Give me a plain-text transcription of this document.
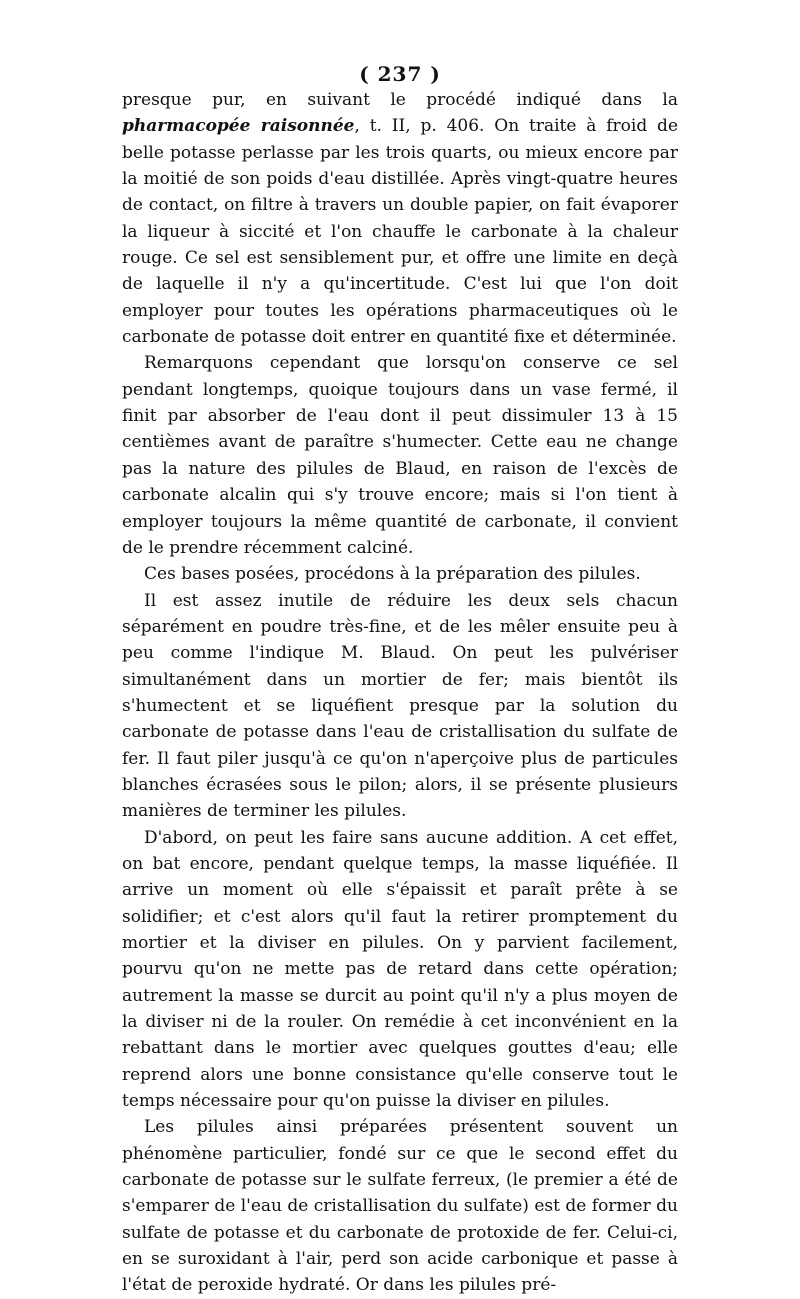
( 237 )

presque pur, en suivant le procédé indiqué dans la pharmacopée raisonnée, t. II, p. 406. On traite à froid de belle potasse perlasse par les trois quarts, ou mieux encore par la moitié de son poids d'eau distillée. Après vingt-quatre heures de contact, on filtre à travers un double papier, on fait évaporer la liqueur à siccité et l'on chauffe le carbonate à la chaleur rouge. Ce sel est sensiblement pur, et offre une limite en deçà de laquelle il n'y a qu'incertitude. C'est lui que l'on doit employer pour toutes les opérations pharmaceutiques où le carbonate de potasse doit entrer en quantité fixe et déterminée.

Remarquons cependant que lorsqu'on conserve ce sel pendant longtemps, quoique toujours dans un vase fermé, il finit par absorber de l'eau dont il peut dissimuler 13 à 15 centièmes avant de paraître s'humecter. Cette eau ne change pas la nature des pilules de Blaud, en raison de l'excès de carbonate alcalin qui s'y trouve encore; mais si l'on tient à employer toujours la même quantité de carbonate, il convient de le prendre récemment calciné.

Ces bases posées, procédons à la préparation des pilules.

Il est assez inutile de réduire les deux sels chacun séparément en poudre très-fine, et de les mêler ensuite peu à peu comme l'indique M. Blaud. On peut les pulvériser simultanément dans un mortier de fer; mais bientôt ils s'humectent et se liquéfient presque par la solution du carbonate de potasse dans l'eau de cristallisation du sulfate de fer. Il faut piler jusqu'à ce qu'on n'aperçoive plus de particules blanches écrasées sous le pilon; alors, il se présente plusieurs manières de terminer les pilules.

D'abord, on peut les faire sans aucune addition. A cet effet, on bat encore, pendant quelque temps, la masse liquéfiée. Il arrive un moment où elle s'épaissit et paraît prête à se solidifier; et c'est alors qu'il faut la retirer promptement du mortier et la diviser en pilules. On y parvient facilement, pourvu qu'on ne mette pas de retard dans cette opération; autrement la masse se durcit au point qu'il n'y a plus moyen de la diviser ni de la rouler. On remédie à cet inconvénient en la rebattant dans le mortier avec quelques gouttes d'eau; elle reprend alors une bonne consistance qu'elle conserve tout le temps nécessaire pour qu'on puisse la diviser en pilules.

Les pilules ainsi préparées présentent souvent un phénomène particulier, fondé sur ce que le second effet du carbonate de potasse sur le sulfate ferreux, (le premier a été de s'emparer de l'eau de cristallisation du sulfate) est de former du sulfate de potasse et du carbonate de protoxide de fer. Celui-ci, en se suroxidant à l'air, perd son acide carbonique et passe à l'état de peroxide hydraté. Or dans les pilules pré-
